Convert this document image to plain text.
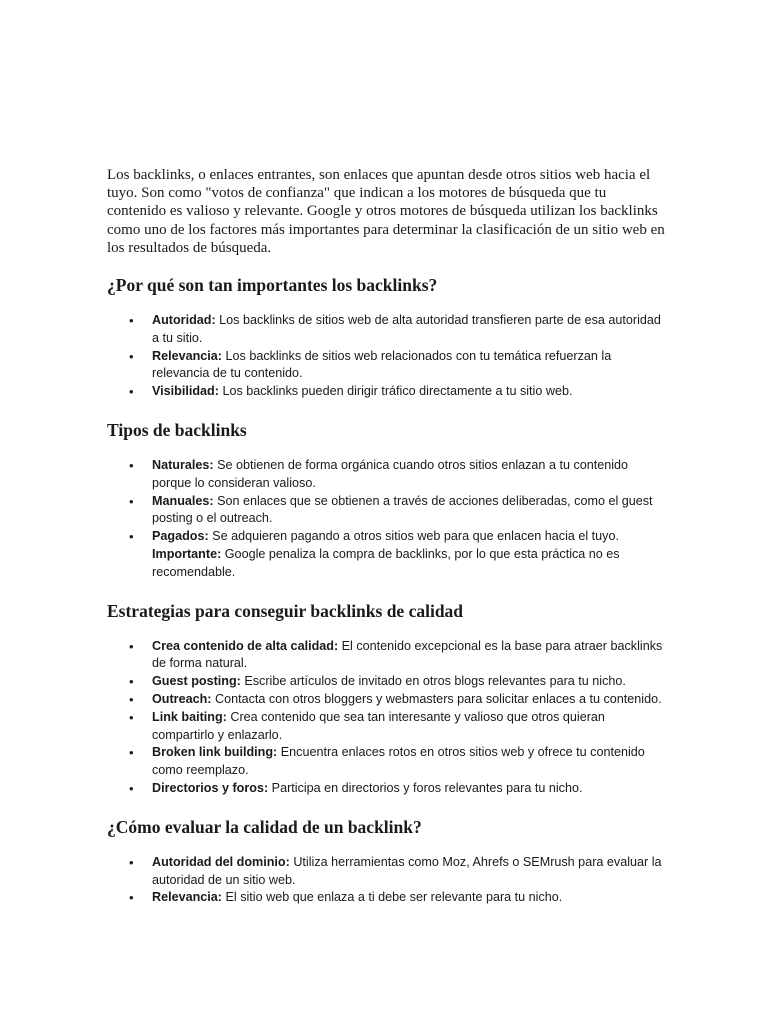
Los backlinks, o enlaces entrantes, son enlaces que apuntan desde otros sitios web hacia el tuyo. Son como "votos de confianza" que indican a los motores de búsqueda que tu contenido es valioso y relevante. Google y otros motores de búsqueda utilizan los backlinks como uno de los factores más importantes para determinar la clasificación de un sitio web en los resultados de búsqueda.

¿Por qué son tan importantes los backlinks?
• Autoridad: Los backlinks de sitios web de alta autoridad transfieren parte de esa autoridad a tu sitio.
• Relevancia: Los backlinks de sitios web relacionados con tu temática refuerzan la relevancia de tu contenido.
• Visibilidad: Los backlinks pueden dirigir tráfico directamente a tu sitio web.
Tipos de backlinks
• Naturales: Se obtienen de forma orgánica cuando otros sitios enlazan a tu contenido porque lo consideran valioso.
• Manuales: Son enlaces que se obtienen a través de acciones deliberadas, como el guest posting o el outreach.
• Pagados: Se adquieren pagando a otros sitios web para que enlacen hacia el tuyo.
Importante: Google penaliza la compra de backlinks, por lo que esta práctica no es recomendable.
Estrategias para conseguir backlinks de calidad
• Crea contenido de alta calidad: El contenido excepcional es la base para atraer backlinks de forma natural.
• Guest posting: Escribe artículos de invitado en otros blogs relevantes para tu nicho.
• Outreach: Contacta con otros bloggers y webmasters para solicitar enlaces a tu contenido.
• Link baiting: Crea contenido que sea tan interesante y valioso que otros quieran compartirlo y enlazarlo.
• Broken link building: Encuentra enlaces rotos en otros sitios web y ofrece tu contenido como reemplazo.
• Directorios y foros: Participa en directorios y foros relevantes para tu nicho.
¿Cómo evaluar la calidad de un backlink?
• Autoridad del dominio: Utiliza herramientas como Moz, Ahrefs o SEMrush para evaluar la autoridad de un sitio web.
• Relevancia: El sitio web que enlaza a ti debe ser relevante para tu nicho.
